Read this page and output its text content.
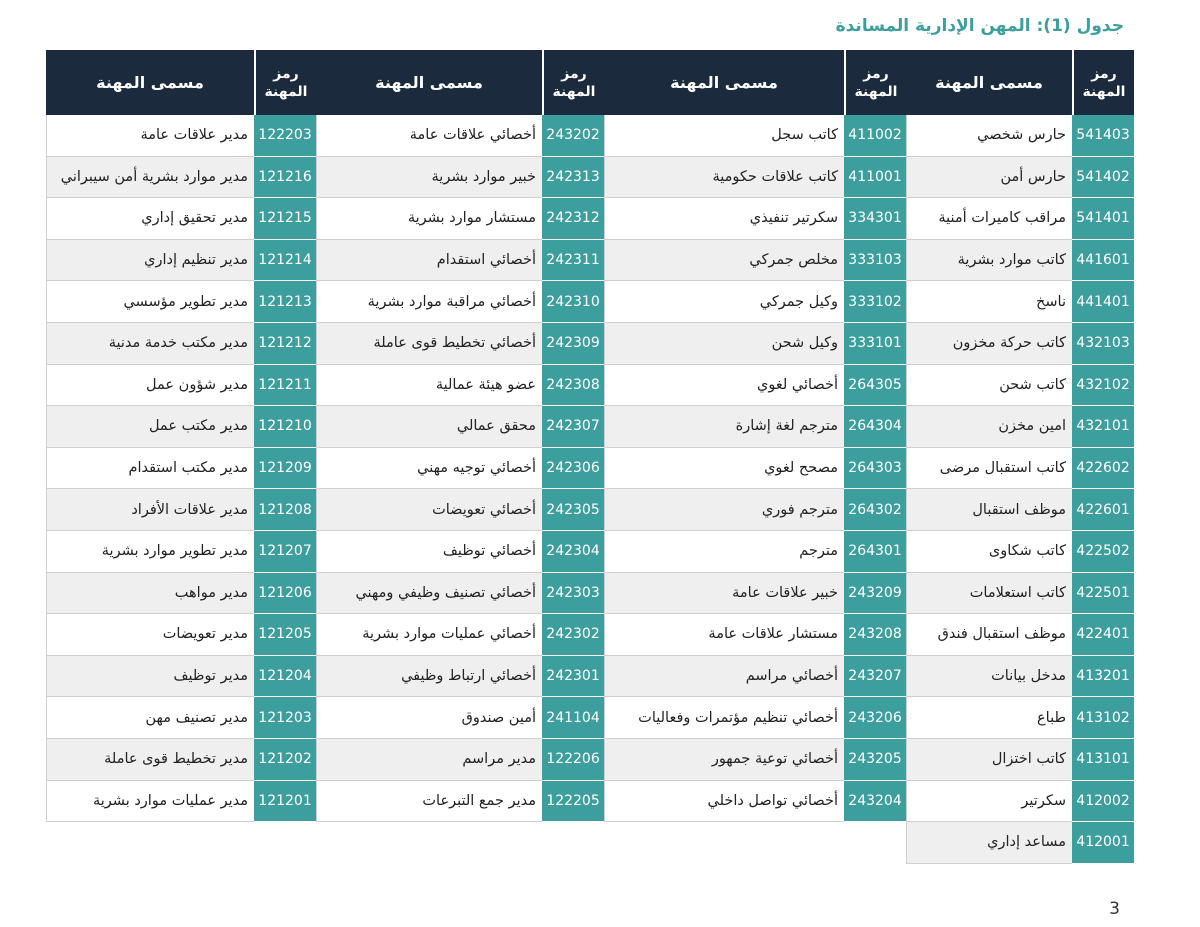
جدول (1): المهن الإدارية المساندة
رمز المهنة
مسمى المهنة
541403
حارس شخصي
541402
حارس أمن
541401
مراقب كاميرات أمنية
441601
كاتب موارد بشرية
441401
ناسخ
432103
كاتب حركة مخزون
432102
كاتب شحن
432101
امين مخزن
422602
كاتب استقبال مرضى
422601
موظف استقبال
422502
كاتب شكاوى
422501
كاتب استعلامات
422401
موظف استقبال فندق
413201
مدخل بيانات
413102
طباع
413101
كاتب اختزال
412002
سكرتير
412001
مساعد إداري
رمز المهنة
مسمى المهنة
411002
كاتب سجل
411001
كاتب علاقات حكومية
334301
سكرتير تنفيذي
333103
مخلص جمركي
333102
وكيل جمركي
333101
وكيل شحن
264305
أخصائي لغوي
264304
مترجم لغة إشارة
264303
مصحح لغوي
264302
مترجم فوري
264301
مترجم
243209
خبير علاقات عامة
243208
مستشار علاقات عامة
243207
أخصائي مراسم
243206
أخصائي تنظيم مؤتمرات وفعاليات
243205
أخصائي توعية جمهور
243204
أخصائي تواصل داخلي
رمز المهنة
مسمى المهنة
243202
أخصائي علاقات عامة
242313
خبير موارد بشرية
242312
مستشار موارد بشرية
242311
أخصائي استقدام
242310
أخصائي مراقبة موارد بشرية
242309
أخصائي تخطيط قوى عاملة
242308
عضو هيئة عمالية
242307
محقق عمالي
242306
أخصائي توجيه مهني
242305
أخصائي تعويضات
242304
أخصائي توظيف
242303
أخصائي تصنيف وظيفي ومهني
242302
أخصائي عمليات موارد بشرية
242301
أخصائي ارتباط وظيفي
241104
أمين صندوق
122206
مدير مراسم
122205
مدير جمع التبرعات
رمز المهنة
مسمى المهنة
122203
مدير علاقات عامة
121216
مدير موارد بشرية أمن سيبراني
121215
مدير تحقيق إداري
121214
مدير تنظيم إداري
121213
مدير تطوير مؤسسي
121212
مدير مكتب خدمة مدنية
121211
مدير شؤون عمل
121210
مدير مكتب عمل
121209
مدير مكتب استقدام
121208
مدير علاقات الأفراد
121207
مدير تطوير موارد بشرية
121206
مدير مواهب
121205
مدير تعويضات
121204
مدير توظيف
121203
مدير تصنيف مهن
121202
مدير تخطيط قوى عاملة
121201
مدير عمليات موارد بشرية
3
